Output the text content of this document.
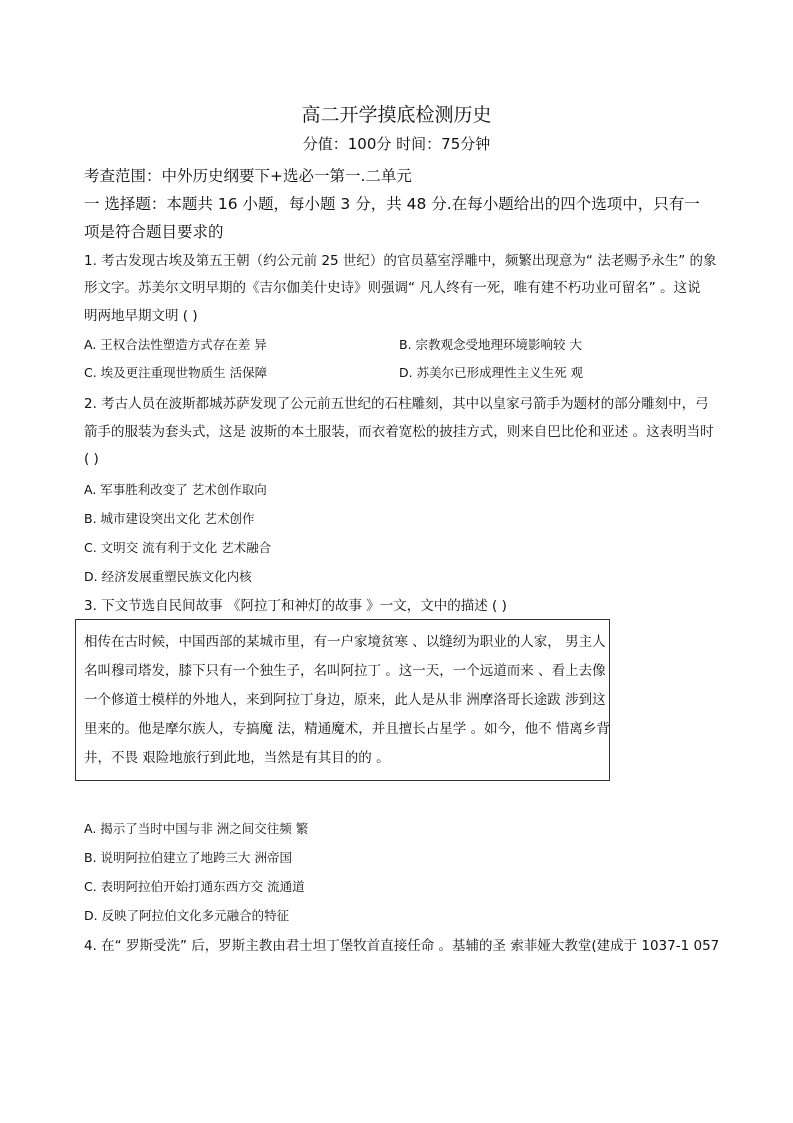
高二开学摸底检测历史
分值：100分 时间：75分钟
考查范围：中外历史纲要下+选必一第一.二单元
一 选择题：本题共 16 小题，每小题 3 分，共 48 分.在每小题给出的四个选项中，只有一
项是符合题目要求的
1. 考古发现古埃及第五王朝（约公元前 25 世纪）的官员墓室浮雕中，频繁出现意为“ 法老赐予永生” 的象
形文字。苏美尔文明早期的《吉尔伽美什史诗》则强调“ 凡人终有一死，唯有建不朽功业可留名” 。这说
明两地早期文明 ( )
A. 王权合法性塑造方式存在差 异	B. 宗教观念受地理环境影响较 大
C. 埃及更注重现世物质生 活保障	D. 苏美尔已形成理性主义生死 观
2. 考古人员在波斯都城苏萨发现了公元前五世纪的石柱雕刻，其中以皇家弓箭手为题材的部分雕刻中，弓
箭手的服装为套头式，这是 波斯的本土服装，而衣着宽松的披挂方式，则来自巴比伦和亚述 。这表明当时
( )
A. 军事胜利改变了 艺术创作取向
B. 城市建设突出文化 艺术创作
C. 文明交 流有利于文化 艺术融合
D. 经济发展重塑民族文化内核
3. 下文节选自民间故事 《阿拉丁和神灯的故事 》一文，文中的描述 ( )
相传在古时候，中国西部的某城市里，有一户家境贫寒 、以缝纫为职业的人家， 男主人
名叫穆司塔发，膝下只有一个独生子，名叫阿拉丁 。这一天，一个远道而来 、看上去像
一个修道士模样的外地人，来到阿拉丁身边，原来，此人是从非 洲摩洛哥长途跋 涉到这
里来的。他是摩尔族人，专搞魔 法，精通魔术，并且擅长占星学 。如今，他不 惜离乡背
井，不畏 艰险地旅行到此地，当然是有其目的的 。
A. 揭示了当时中国与非 洲之间交往频 繁
B. 说明阿拉伯建立了地跨三大 洲帝国
C. 表明阿拉伯开始打通东西方交 流通道
D. 反映了阿拉伯文化多元融合的特征
4. 在“ 罗斯受洗” 后，罗斯主教由君士坦丁堡牧首直接任命 。基辅的圣 索菲娅大教堂(建成于 1037-1 057
